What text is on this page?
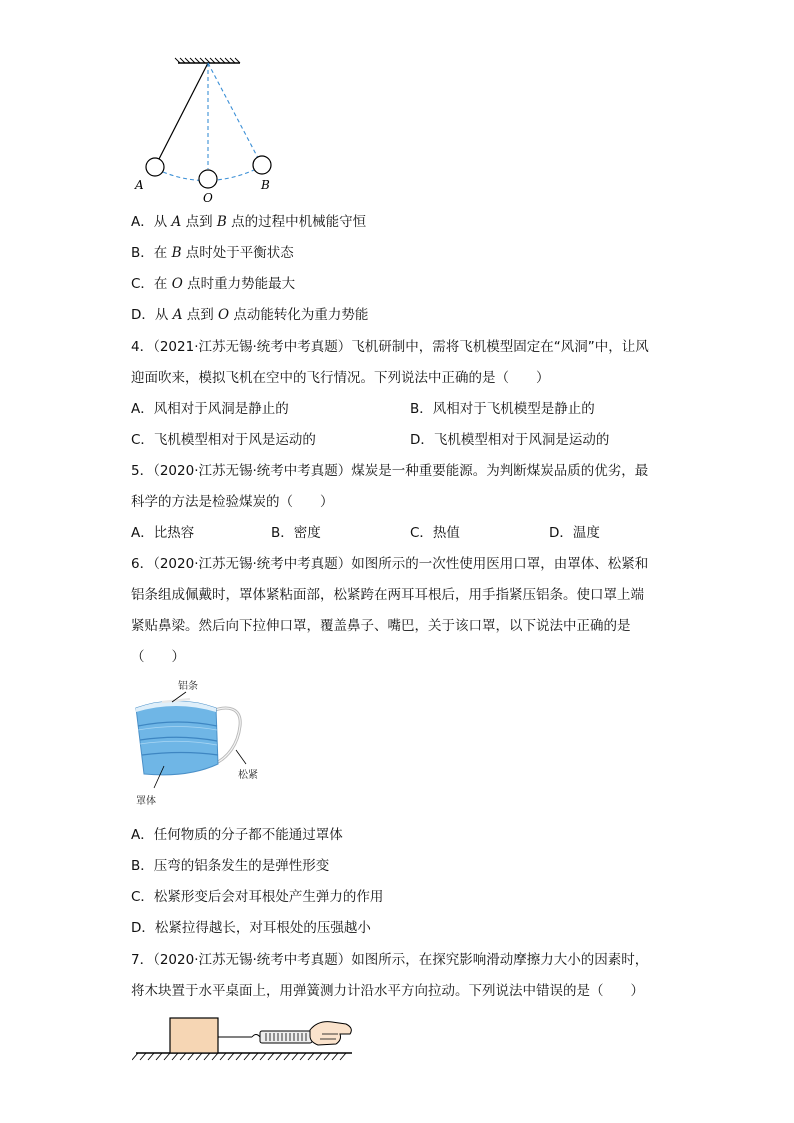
A
O
B
A．从 A 点到 B 点的过程中机械能守恒
B．在 B 点时处于平衡状态
C．在 O 点时重力势能最大
D．从 A 点到 O 点动能转化为重力势能
4．（2021·江苏无锡·统考中考真题）飞机研制中，需将飞机模型固定在“风洞”中，让风
迎面吹来，模拟飞机在空中的飞行情况。下列说法中正确的是（　　）
A．风相对于风洞是静止的	B．风相对于飞机模型是静止的
C．飞机模型相对于风是运动的	D．飞机模型相对于风洞是运动的
5．（2020·江苏无锡·统考中考真题）煤炭是一种重要能源。为判断煤炭品质的优劣，最
科学的方法是检验煤炭的（　　）
A．比热容	B．密度	C．热值	D．温度
6．（2020·江苏无锡·统考中考真题）如图所示的一次性使用医用口罩，由罩体、松紧和
铝条组成佩戴时，罩体紧粘面部，松紧跨在两耳耳根后，用手指紧压铝条。使口罩上端
紧贴鼻梁。然后向下拉伸口罩，覆盖鼻子、嘴巴，关于该口罩，以下说法中正确的是
（　　）
铝条
松紧
罩体
A．任何物质的分子都不能通过罩体
B．压弯的铝条发生的是弹性形变
C．松紧形变后会对耳根处产生弹力的作用
D．松紧拉得越长，对耳根处的压强越小
7．（2020·江苏无锡·统考中考真题）如图所示，在探究影响滑动摩擦力大小的因素时，
将木块置于水平桌面上，用弹簧测力计沿水平方向拉动。下列说法中错误的是（　　）
